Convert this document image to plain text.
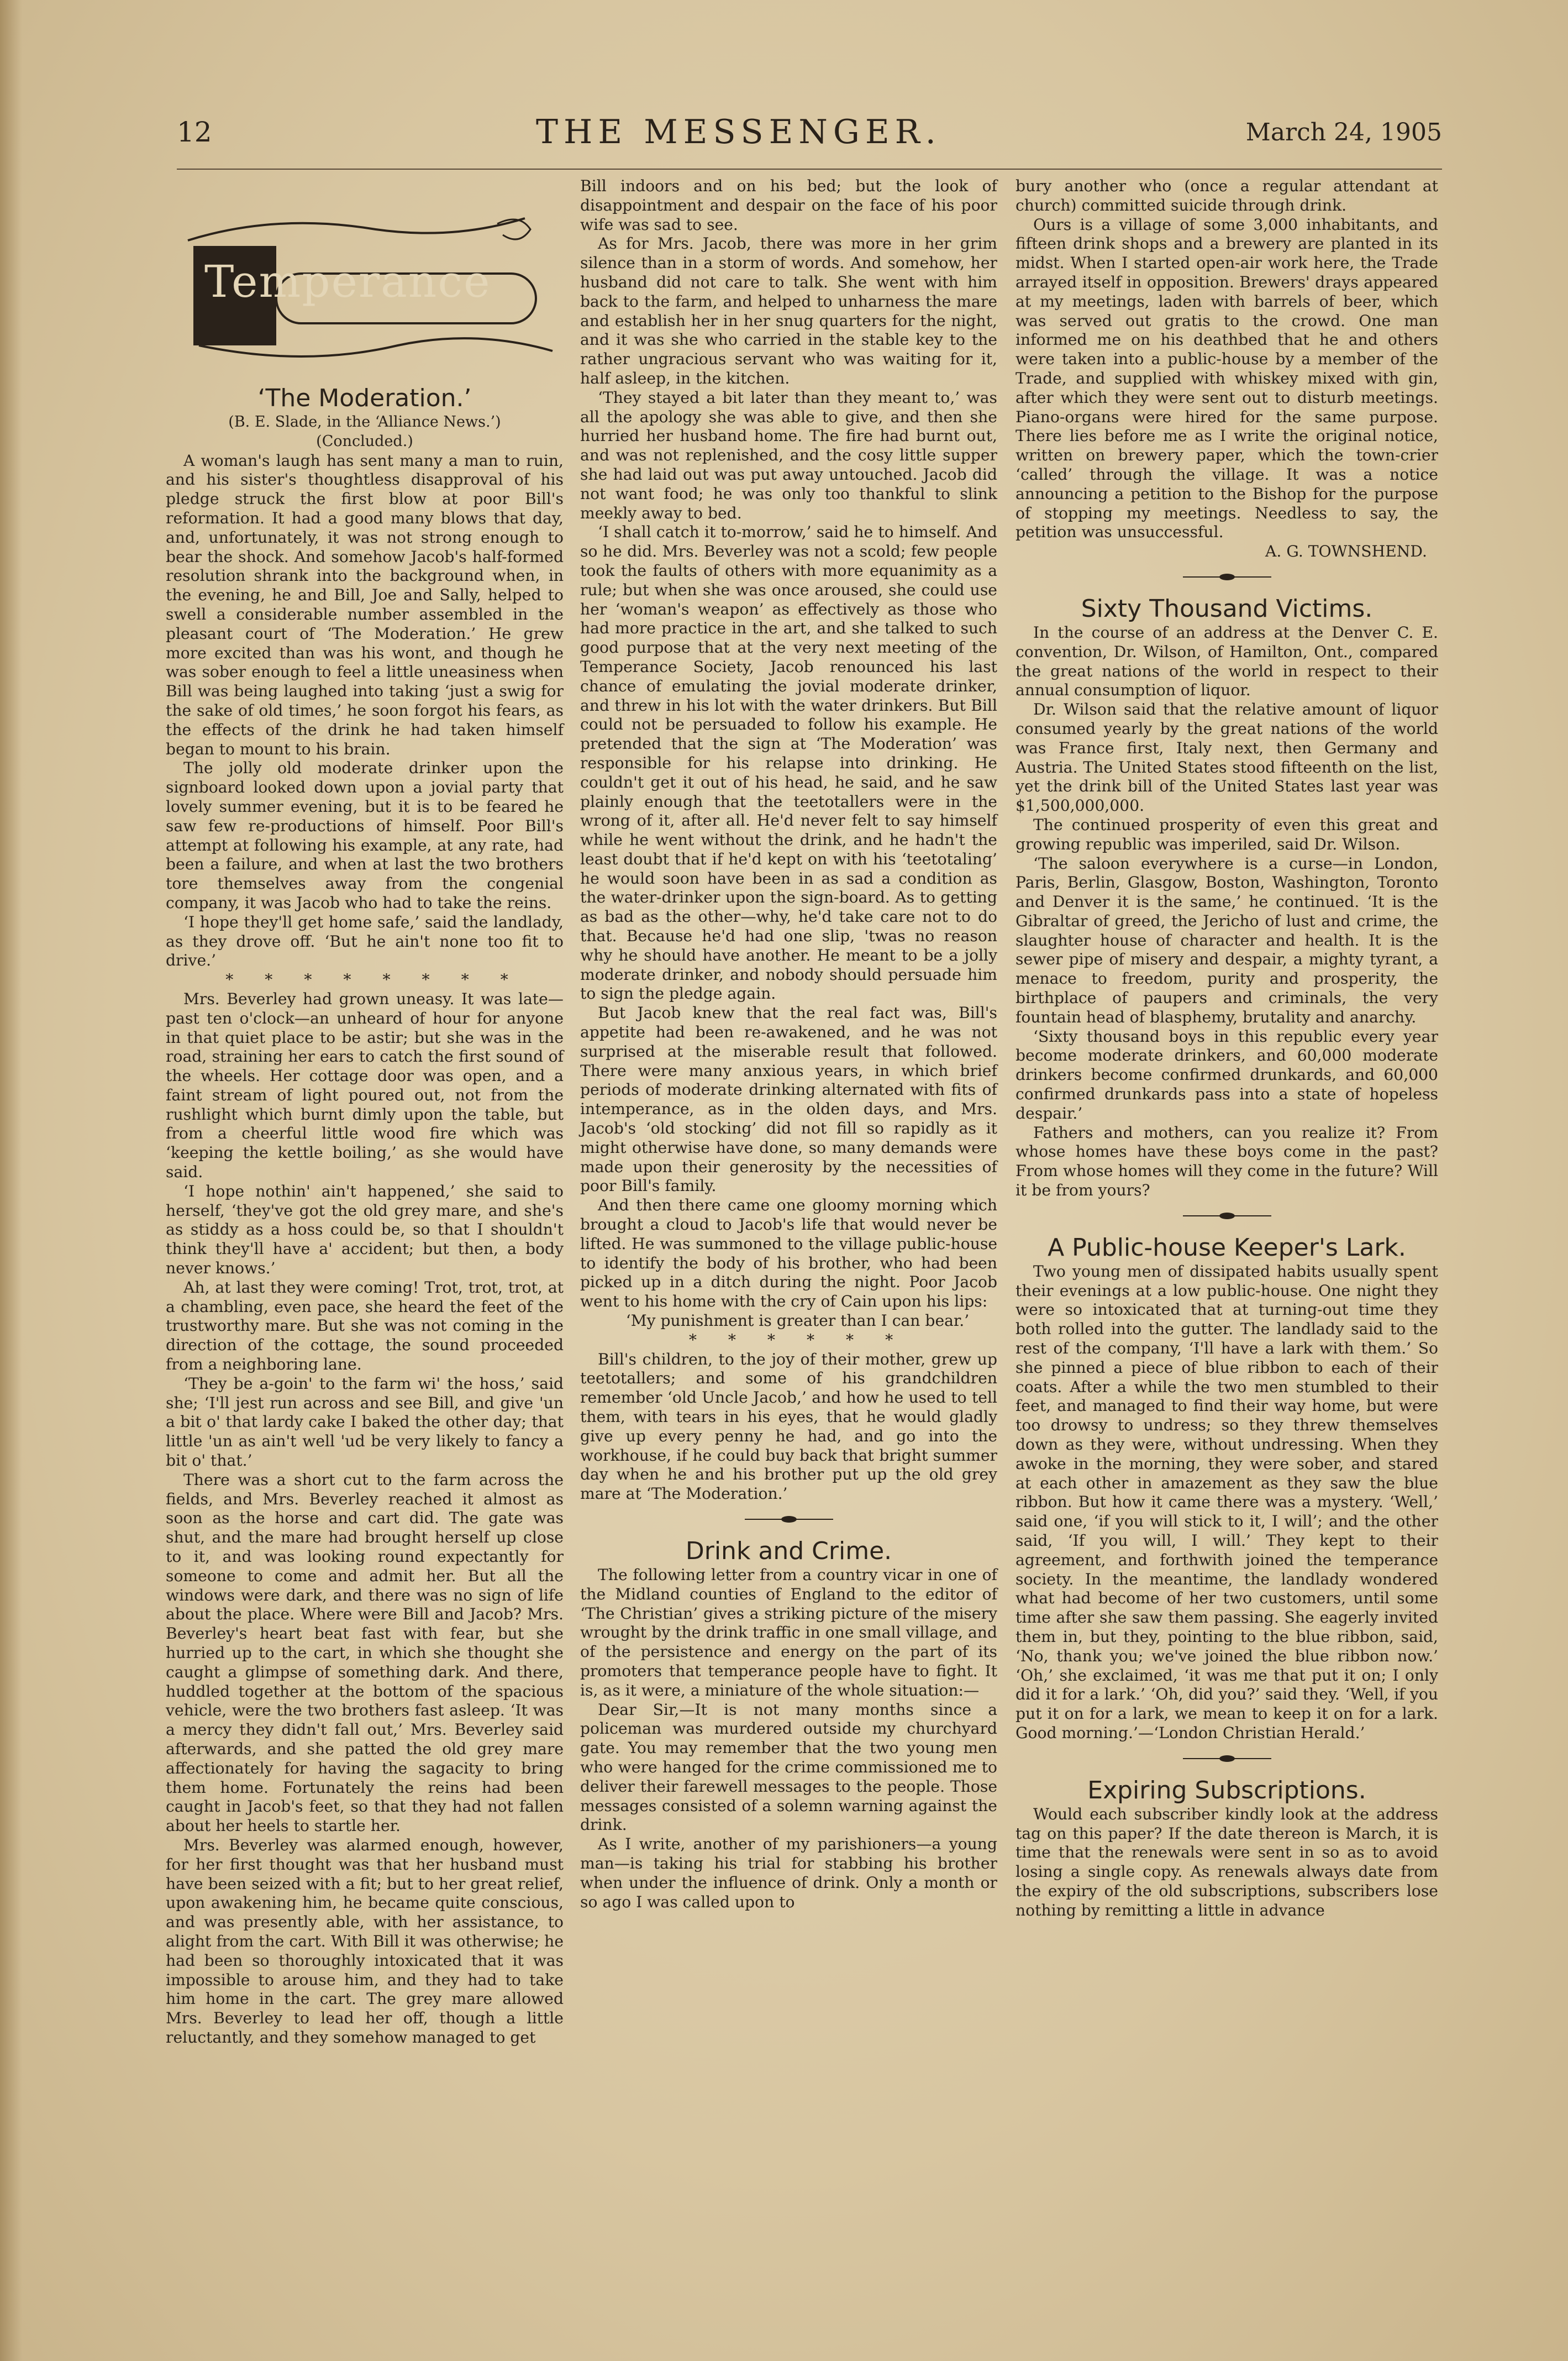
12	THE MESSENGER.	March 24, 1905
Temperance

‘The Moderation.’

(B. E. Slade, in the ‘Alliance News.’)

(Concluded.)

A woman's laugh has sent many a man to ruin, and his sister's thoughtless disapproval of his pledge struck the first blow at poor Bill's reformation. It had a good many blows that day, and, unfortunately, it was not strong enough to bear the shock. And somehow Jacob's half-formed resolution shrank into the background when, in the evening, he and Bill, Joe and Sally, helped to swell a considerable number assembled in the pleasant court of ‘The Moderation.’ He grew more excited than was his wont, and though he was sober enough to feel a little uneasiness when Bill was being laughed into taking ‘just a swig for the sake of old times,’ he soon forgot his fears, as the effects of the drink he had taken himself began to mount to his brain.

The jolly old moderate drinker upon the signboard looked down upon a jovial party that lovely summer evening, but it is to be feared he saw few re-productions of himself. Poor Bill's attempt at following his example, at any rate, had been a failure, and when at last the two brothers tore themselves away from the congenial company, it was Jacob who had to take the reins.

‘I hope they'll get home safe,’ said the landlady, as they drove off. ‘But he ain't none too fit to drive.’

* * * * * * * *

Mrs. Beverley had grown uneasy. It was late—past ten o'clock—an unheard of hour for anyone in that quiet place to be astir; but she was in the road, straining her ears to catch the first sound of the wheels. Her cottage door was open, and a faint stream of light poured out, not from the rushlight which burnt dimly upon the table, but from a cheerful little wood fire which was ‘keeping the kettle boiling,’ as she would have said.

‘I hope nothin' ain't happened,’ she said to herself, ‘they've got the old grey mare, and she's as stiddy as a hoss could be, so that I shouldn't think they'll have a' accident; but then, a body never knows.’

Ah, at last they were coming! Trot, trot, trot, at a chambling, even pace, she heard the feet of the trustworthy mare. But she was not coming in the direction of the cottage, the sound proceeded from a neighboring lane.

‘They be a-goin' to the farm wi' the hoss,’ said she; ‘I'll jest run across and see Bill, and give 'un a bit o' that lardy cake I baked the other day; that little 'un as ain't well 'ud be very likely to fancy a bit o' that.’

There was a short cut to the farm across the fields, and Mrs. Beverley reached it almost as soon as the horse and cart did. The gate was shut, and the mare had brought herself up close to it, and was looking round expectantly for someone to come and admit her. But all the windows were dark, and there was no sign of life about the place. Where were Bill and Jacob? Mrs. Beverley's heart beat fast with fear, but she hurried up to the cart, in which she thought she caught a glimpse of something dark. And there, huddled together at the bottom of the spacious vehicle, were the two brothers fast asleep. ‘It was a mercy they didn't fall out,’ Mrs. Beverley said afterwards, and she patted the old grey mare affectionately for having the sagacity to bring them home. Fortunately the reins had been caught in Jacob's feet, so that they had not fallen about her heels to startle her.

Mrs. Beverley was alarmed enough, however, for her first thought was that her husband must have been seized with a fit; but to her great relief, upon awakening him, he became quite conscious, and was presently able, with her assistance, to alight from the cart. With Bill it was otherwise; he had been so thoroughly intoxicated that it was impossible to arouse him, and they had to take him home in the cart. The grey mare allowed Mrs. Beverley to lead her off, though a little reluctantly, and they somehow managed to get

Bill indoors and on his bed; but the look of disappointment and despair on the face of his poor wife was sad to see.

As for Mrs. Jacob, there was more in her grim silence than in a storm of words. And somehow, her husband did not care to talk. She went with him back to the farm, and helped to unharness the mare and establish her in her snug quarters for the night, and it was she who carried in the stable key to the rather ungracious servant who was waiting for it, half asleep, in the kitchen.

‘They stayed a bit later than they meant to,’ was all the apology she was able to give, and then she hurried her husband home. The fire had burnt out, and was not replenished, and the cosy little supper she had laid out was put away untouched. Jacob did not want food; he was only too thankful to slink meekly away to bed.

‘I shall catch it to-morrow,’ said he to himself. And so he did. Mrs. Beverley was not a scold; few people took the faults of others with more equanimity as a rule; but when she was once aroused, she could use her ‘woman's weapon’ as effectively as those who had more practice in the art, and she talked to such good purpose that at the very next meeting of the Temperance Society, Jacob renounced his last chance of emulating the jovial moderate drinker, and threw in his lot with the water drinkers. But Bill could not be persuaded to follow his example. He pretended that the sign at ‘The Moderation’ was responsible for his relapse into drinking. He couldn't get it out of his head, he said, and he saw plainly enough that the teetotallers were in the wrong of it, after all. He'd never felt to say himself while he went without the drink, and he hadn't the least doubt that if he'd kept on with his ‘teetotaling’ he would soon have been in as sad a condition as the water-drinker upon the sign-board. As to getting as bad as the other—why, he'd take care not to do that. Because he'd had one slip, 'twas no reason why he should have another. He meant to be a jolly moderate drinker, and nobody should persuade him to sign the pledge again.

But Jacob knew that the real fact was, Bill's appetite had been re-awakened, and he was not surprised at the miserable result that followed. There were many anxious years, in which brief periods of moderate drinking alternated with fits of intemperance, as in the olden days, and Mrs. Jacob's ‘old stocking’ did not fill so rapidly as it might otherwise have done, so many demands were made upon their generosity by the necessities of poor Bill's family.

And then there came one gloomy morning which brought a cloud to Jacob's life that would never be lifted. He was summoned to the village public-house to identify the body of his brother, who had been picked up in a ditch during the night. Poor Jacob went to his home with the cry of Cain upon his lips:

‘My punishment is greater than I can bear.’

* * * * * *

Bill's children, to the joy of their mother, grew up teetotallers; and some of his grandchildren remember ‘old Uncle Jacob,’ and how he used to tell them, with tears in his eyes, that he would gladly give up every penny he had, and go into the workhouse, if he could buy back that bright summer day when he and his brother put up the old grey mare at ‘The Moderation.’

Drink and Crime.

The following letter from a country vicar in one of the Midland counties of England to the editor of ‘The Christian’ gives a striking picture of the misery wrought by the drink traffic in one small village, and of the persistence and energy on the part of its promoters that temperance people have to fight. It is, as it were, a miniature of the whole situation:—

Dear Sir,—It is not many months since a policeman was murdered outside my churchyard gate. You may remember that the two young men who were hanged for the crime commissioned me to deliver their farewell messages to the people. Those messages consisted of a solemn warning against the drink.

As I write, another of my parishioners—a young man—is taking his trial for stabbing his brother when under the influence of drink. Only a month or so ago I was called upon to

bury another who (once a regular attendant at church) committed suicide through drink.

Ours is a village of some 3,000 inhabitants, and fifteen drink shops and a brewery are planted in its midst. When I started open-air work here, the Trade arrayed itself in opposition. Brewers' drays appeared at my meetings, laden with barrels of beer, which was served out gratis to the crowd. One man informed me on his deathbed that he and others were taken into a public-house by a member of the Trade, and supplied with whiskey mixed with gin, after which they were sent out to disturb meetings. Piano-organs were hired for the same purpose. There lies before me as I write the original notice, written on brewery paper, which the town-crier ‘called’ through the village. It was a notice announcing a petition to the Bishop for the purpose of stopping my meetings. Needless to say, the petition was unsuccessful.

A. G. TOWNSHEND.

Sixty Thousand Victims.

In the course of an address at the Denver C. E. convention, Dr. Wilson, of Hamilton, Ont., compared the great nations of the world in respect to their annual consumption of liquor.

Dr. Wilson said that the relative amount of liquor consumed yearly by the great nations of the world was France first, Italy next, then Germany and Austria. The United States stood fifteenth on the list, yet the drink bill of the United States last year was $1,500,000,000.

The continued prosperity of even this great and growing republic was imperiled, said Dr. Wilson.

‘The saloon everywhere is a curse—in London, Paris, Berlin, Glasgow, Boston, Washington, Toronto and Denver it is the same,’ he continued. ‘It is the Gibraltar of greed, the Jericho of lust and crime, the slaughter house of character and health. It is the sewer pipe of misery and despair, a mighty tyrant, a menace to freedom, purity and prosperity, the birthplace of paupers and criminals, the very fountain head of blasphemy, brutality and anarchy.

‘Sixty thousand boys in this republic every year become moderate drinkers, and 60,000 moderate drinkers become confirmed drunkards, and 60,000 confirmed drunkards pass into a state of hopeless despair.’

Fathers and mothers, can you realize it? From whose homes have these boys come in the past? From whose homes will they come in the future? Will it be from yours?

A Public-house Keeper's Lark.

Two young men of dissipated habits usually spent their evenings at a low public-house. One night they were so intoxicated that at turning-out time they both rolled into the gutter. The landlady said to the rest of the company, ‘I'll have a lark with them.’ So she pinned a piece of blue ribbon to each of their coats. After a while the two men stumbled to their feet, and managed to find their way home, but were too drowsy to undress; so they threw themselves down as they were, without undressing. When they awoke in the morning, they were sober, and stared at each other in amazement as they saw the blue ribbon. But how it came there was a mystery. ‘Well,’ said one, ‘if you will stick to it, I will’; and the other said, ‘If you will, I will.’ They kept to their agreement, and forthwith joined the temperance society. In the meantime, the landlady wondered what had become of her two customers, until some time after she saw them passing. She eagerly invited them in, but they, pointing to the blue ribbon, said, ‘No, thank you; we've joined the blue ribbon now.’ ‘Oh,’ she exclaimed, ‘it was me that put it on; I only did it for a lark.’ ‘Oh, did you?’ said they. ‘Well, if you put it on for a lark, we mean to keep it on for a lark. Good morning.’—‘London Christian Herald.’

Expiring Subscriptions.

Would each subscriber kindly look at the address tag on this paper? If the date thereon is March, it is time that the renewals were sent in so as to avoid losing a single copy. As renewals always date from the expiry of the old subscriptions, subscribers lose nothing by remitting a little in advance
